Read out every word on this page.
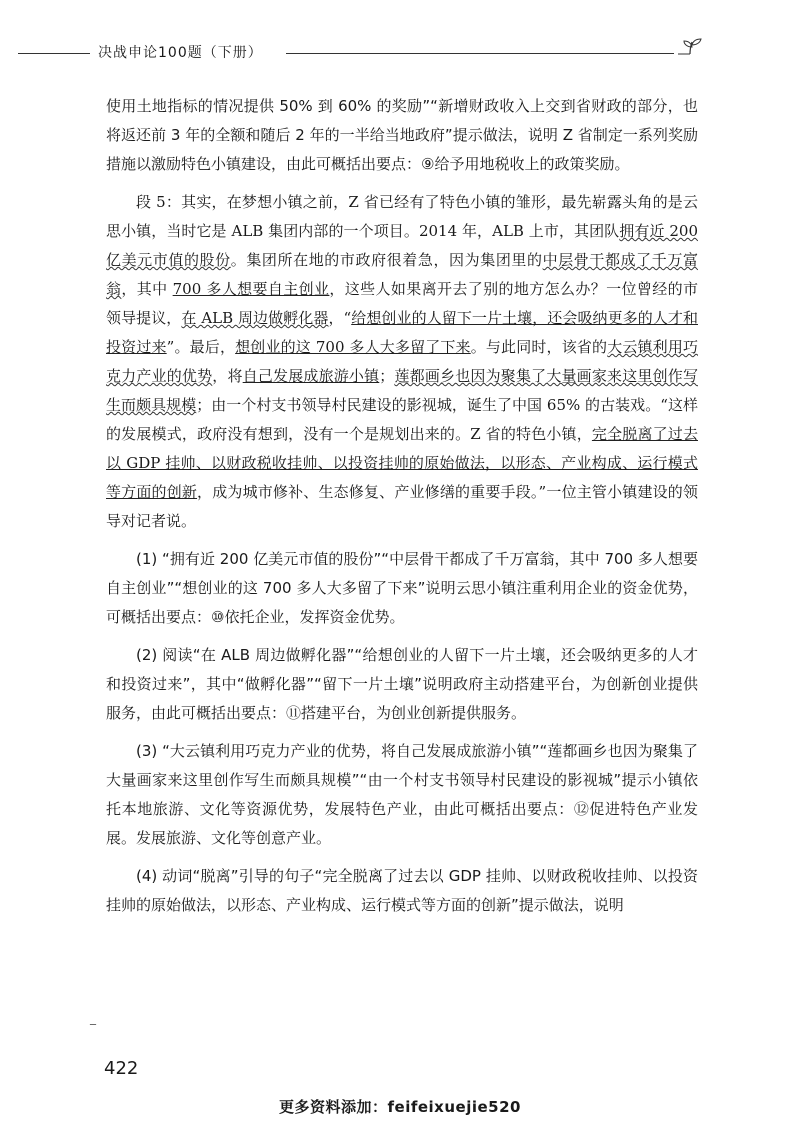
决战申论100题（下册）

使用土地指标的情况提供 50% 到 60% 的奖励”“新增财政收入上交到省财政的部分，也将返还前 3 年的全额和随后 2 年的一半给当地政府”提示做法，说明 Z 省制定一系列奖励措施以激励特色小镇建设，由此可概括出要点：⑨给予用地税收上的政策奖励。

段 5：其实，在梦想小镇之前，Z 省已经有了特色小镇的雏形，最先崭露头角的是云思小镇，当时它是 ALB 集团内部的一个项目。2014 年，ALB 上市，其团队拥有近 200 亿美元市值的股份。集团所在地的市政府很着急，因为集团里的中层骨干都成了千万富翁，其中 700 多人想要自主创业，这些人如果离开去了别的地方怎么办？一位曾经的市领导提议，在 ALB 周边做孵化器，“给想创业的人留下一片土壤，还会吸纳更多的人才和投资过来”。最后，想创业的这 700 多人大多留了下来。与此同时，该省的大云镇利用巧克力产业的优势，将自己发展成旅游小镇；莲都画乡也因为聚集了大量画家来这里创作写生而颇具规模；由一个村支书领导村民建设的影视城，诞生了中国 65% 的古装戏。“这样的发展模式，政府没有想到，没有一个是规划出来的。Z 省的特色小镇，完全脱离了过去以 GDP 挂帅、以财政税收挂帅、以投资挂帅的原始做法，以形态、产业构成、运行模式等方面的创新，成为城市修补、生态修复、产业修缮的重要手段。”一位主管小镇建设的领导对记者说。

(1) “拥有近 200 亿美元市值的股份”“中层骨干都成了千万富翁，其中 700 多人想要自主创业”“想创业的这 700 多人大多留了下来”说明云思小镇注重利用企业的资金优势，可概括出要点：⑩依托企业，发挥资金优势。

(2) 阅读“在 ALB 周边做孵化器”“给想创业的人留下一片土壤，还会吸纳更多的人才和投资过来”，其中“做孵化器”“留下一片土壤”说明政府主动搭建平台，为创新创业提供服务，由此可概括出要点：⑪搭建平台，为创业创新提供服务。

(3) “大云镇利用巧克力产业的优势，将自己发展成旅游小镇”“莲都画乡也因为聚集了大量画家来这里创作写生而颇具规模”“由一个村支书领导村民建设的影视城”提示小镇依托本地旅游、文化等资源优势，发展特色产业，由此可概括出要点：⑫促进特色产业发展。发展旅游、文化等创意产业。

(4) 动词“脱离”引导的句子“完全脱离了过去以 GDP 挂帅、以财政税收挂帅、以投资挂帅的原始做法，以形态、产业构成、运行模式等方面的创新”提示做法，说明

_
422
更多资料添加：feifeixuejie520
